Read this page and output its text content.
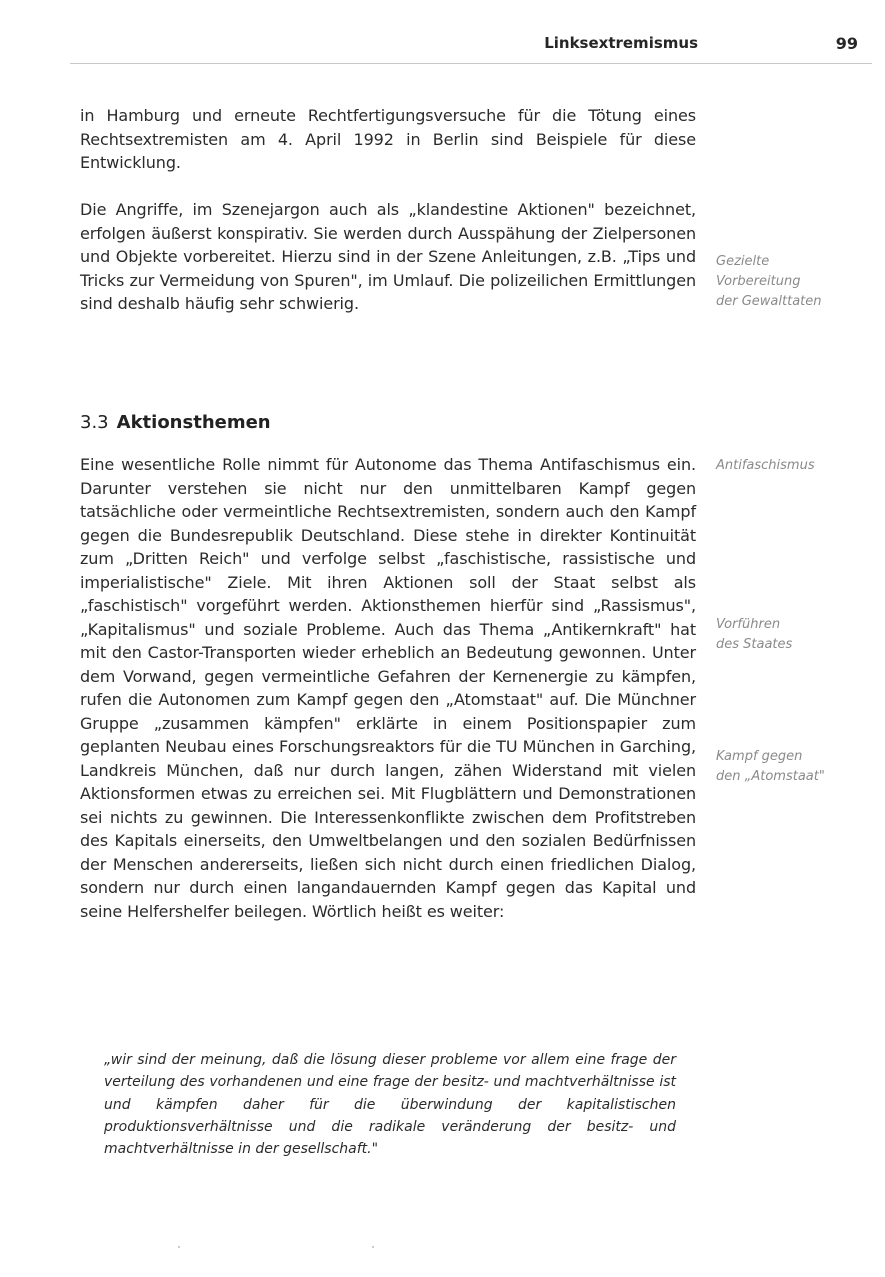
Linksextremismus	99

in Hamburg und erneute Rechtfertigungsversuche für die Tötung eines Rechtsextremisten am 4. April 1992 in Berlin sind Beispiele für diese Entwicklung.

Die Angriffe, im Szenejargon auch als „klandestine Aktionen" bezeichnet, erfolgen äußerst konspirativ. Sie werden durch Ausspähung der Zielpersonen und Objekte vorbereitet. Hierzu sind in der Szene Anleitungen, z.B. „Tips und Tricks zur Vermeidung von Spuren", im Umlauf. Die polizeilichen Ermittlungen sind deshalb häufig sehr schwierig.

Gezielte
Vorbereitung
der Gewalttaten

3.3 Aktionsthemen

Eine wesentliche Rolle nimmt für Autonome das Thema Antifaschismus ein. Darunter verstehen sie nicht nur den unmittelbaren Kampf gegen tatsächliche oder vermeintliche Rechtsextremisten, sondern auch den Kampf gegen die Bundesrepublik Deutschland. Diese stehe in direkter Kontinuität zum „Dritten Reich" und verfolge selbst „faschistische, rassistische und imperialistische" Ziele. Mit ihren Aktionen soll der Staat selbst als „faschistisch" vorgeführt werden. Aktionsthemen hierfür sind „Rassismus", „Kapitalismus" und soziale Probleme. Auch das Thema „Antikernkraft" hat mit den Castor-Transporten wieder erheblich an Bedeutung gewonnen. Unter dem Vorwand, gegen vermeintliche Gefahren der Kernenergie zu kämpfen, rufen die Autonomen zum Kampf gegen den „Atomstaat" auf. Die Münchner Gruppe „zusammen kämpfen" erklärte in einem Positionspapier zum geplanten Neubau eines Forschungsreaktors für die TU München in Garching, Landkreis München, daß nur durch langen, zähen Widerstand mit vielen Aktionsformen etwas zu erreichen sei. Mit Flugblättern und Demonstrationen sei nichts zu gewinnen. Die Interessenkonflikte zwischen dem Profitstreben des Kapitals einerseits, den Umweltbelangen und den sozialen Bedürfnissen der Menschen andererseits, ließen sich nicht durch einen friedlichen Dialog, sondern nur durch einen langandauernden Kampf gegen das Kapital und seine Helfershelfer beilegen. Wörtlich heißt es weiter:

Antifaschismus

Vorführen
des Staates

Kampf gegen
den „Atomstaat"

„wir sind der meinung, daß die lösung dieser probleme vor allem eine frage der verteilung des vorhandenen und eine frage der besitz- und machtverhältnisse ist und kämpfen daher für die überwindung der kapitalistischen produktionsverhältnisse und die radikale veränderung der besitz- und machtverhältnisse in der gesellschaft."
